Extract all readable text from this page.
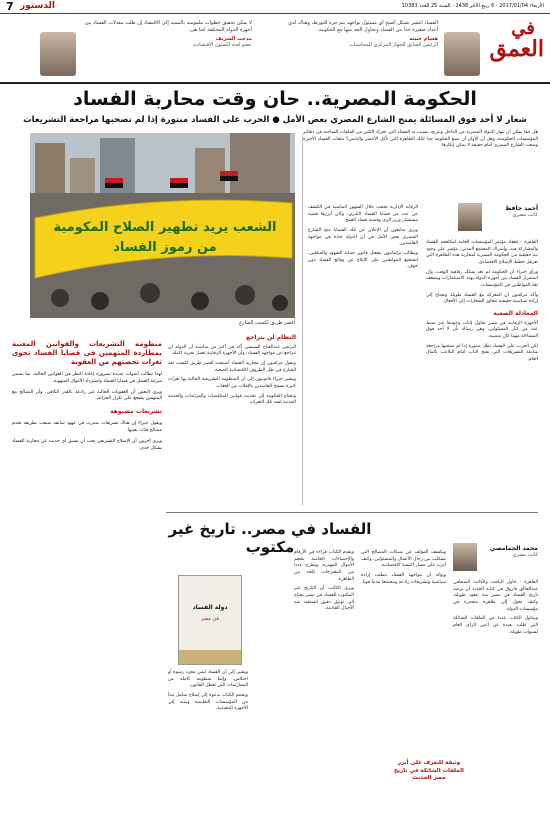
الأربعاء 2017/01/04 - 6 ربيع الآخر 1438 - السنة 25 العدد 10383
الدستور
7
في
العمق
الفساد انتشر بشكل أصبح أي مسئول يواجهه يتم جره للتورط، وهناك لدي أعداد صغيرة جدا من الفساد ونحاول الحد منها مع الحكومة.
هشام جنينة
الرئيس السابق للجهاز المركزي للمحاسبات
لا يمكن تحقيق خطوات ملموسة بالنسبة إلى الاقتصاد إن ظلت معدلات الفساد بين أجهزة الدولة المختلفة كما هي.
مدحت الشريف
عضو لجنة الشئون الاقتصادية
الحكومة المصرية.. حان وقت محاربة الفساد
شعار لا أحد فوق المسائلة يمنح الشارع المصري بعض الأمل ● الحرب على الفساد مبتورة إذا لم تصحبها مراجعة التشريعات

هل حقا يمكن أن تنهار الدولة المصرية من الداخل وتترنح، بسبب يد الفساد التي تحرك الكثير من الملفات الساخنة في دهاليز المؤسسات الحكومية، وهل آن الأوان أن تضع الحكومة حدا لتلك الظاهرة التي تأكل الأخضر واليابس؟ ملفات الفساد الأخيرة وضعت الشارع المصري أمام حقيقة لا يمكن إنكارها.

الشعب يريد تطهير الصلاح المكومية
من رموز الفساد
أقصر طريق لكسب الشارع
أحمد حافظ
كاتب مصري

القاهرة - انعقاد مؤتمر المؤسسات العامة لمكافحة الفساد والمشاركة فيه، وإشراك المجتمع المدني، مؤشر على وجود نية حقيقية من الحكومة المصرية لمحاربة هذه الظاهرة التي تعرقل خطط الإصلاح الاقتصادي.

ورأى خبراء أن الحكومة لم تعد تمتلك رفاهية الوقت، وأن استمرار الفساد بين أجهزة الدولة يهدد الاستثمارات ويضعف ثقة المواطنين في المؤسسات.

وأكد مراقبون أن المعركة مع الفساد طويلة وتحتاج إلى إرادة سياسية حقيقية تتجاوز الشعارات إلى الأفعال.

المعادلة الصعبة

الأجهزة الرقابية في مصر تحاول إثبات وجودها عبر ضبط عدد من كبار المسئولين، وهي رسالة بأن لا أحد فوق المساءلة مهما كان منصبه.

لكن الحرب على الفساد تظل مبتورة إذا لم تصحبها مراجعة شاملة للتشريعات التي تفتح الباب أمام التلاعب بالمال العام.

الرقابة الإدارية نجحت خلال الشهور الماضية في الكشف عن عدد من قضايا الفساد الكبرى، وكان أبرزها قضية مستشار وزير الري وقضية فساد القمح.

ويرى متابعون أن الإعلان عن تلك القضايا منح الشارع المصري بعض الأمل في أن الدولة جادة في مواجهة الفاسدين.

ويطالب برلمانيون بتفعيل قانون حماية الشهود والمبلغين، لتشجيع المواطنين على الإبلاغ عن وقائع الفساد دون خوف.

النظام لن يتراجع

الرئيس عبدالفتاح السيسي أكد في أكثر من مناسبة أن الدولة لن تتراجع عن مواجهة الفساد، وأن الأجهزة الرقابية تعمل بحرية كاملة.

ويقول مراقبون إن محاربة الفساد أصبحت أقصر طريق لكسب ثقة الشارع في ظل الظروف الاقتصادية الصعبة.

ويشير خبراء قانونيون إلى أن المنظومة التشريعية الحالية بها ثغرات كثيرة تسمح للفاسدين بالإفلات من العقاب.

وتحتاج الحكومة إلى تحديث قوانين المناقصات والمزايدات والخدمة المدنية لسد تلك الثغرات.

منظومة التشريعات والقوانين المعنية بمطاردة المتهمين في قضايا الفساد تحوي ثغرات تحصنهم من العقوبة

لهذا تطالب أصوات عديدة بضرورة إعادة النظر في القوانين الحالية، بما يضمن سرعة الفصل في قضايا الفساد واسترداد الأموال المنهوبة.

ويرى البعض أن العقوبات الحالية غير رادعة بالقدر الكافي، وأن التصالح مع المتهمين يشجع على تكرار الجرائم.

تشريعات مشبوهة

ويقول خبراء إن هناك تشريعات صدرت في عهود سابقة صيغت بطريقة تخدم مصالح فئات بعينها.

ويرى آخرون أن الإصلاح التشريعي يجب أن يسبق أي حديث عن محاربة الفساد بشكل جدي.

الفساد في مصر.. تاريخ غير مكتوب	محمد الحمامصي
كاتب مصري

القاهرة - حاول الباحث والكاتب الصحافي عبدالخالق فاروق في كتابه الجديد أن يرصد تاريخ الفساد في مصر منذ عقود طويلة، وكيف تحول إلى ظاهرة متجذرة في مؤسسات الدولة.

ويتناول الكتاب عددا من الملفات الشائكة التي ظلت بعيدة عن أعين الرأي العام لسنوات طويلة.

ويكشف المؤلف عن شبكات المصالح التي تشكلت بين رجال الأعمال والمسئولين، وكيف أثرت على مسار التنمية الاقتصادية.

ويؤكد أن مواجهة الفساد تتطلب إرادة سياسية وتشريعات رادعة ومجتمعا مدنيا قويا.

ويقدم الكتاب قراءة في الأرقام والإحصاءات الخاصة بحجم الأموال المهدرة، ويطرح عددا من المقترحات للحد من الظاهرة.

ويرى الكاتب أن التاريخ غير المكتوب للفساد في مصر يحتاج إلى توثيق دقيق لتستفيد منه الأجيال القادمة.

ويشير إلى أن الفساد ليس مجرد رشوة أو اختلاس، وإنما منظومة كاملة من الممارسات التي تعطل القانون.

ويختتم الكتاب بدعوة إلى إصلاح شامل يبدأ من المؤسسات التعليمية ويمتد إلى الأجهزة التنفيذية.

دولة الفساد
في مصر
وثيقة للتعرف على أبرز الملفات الشائكة في تاريخ مصر الحديث
